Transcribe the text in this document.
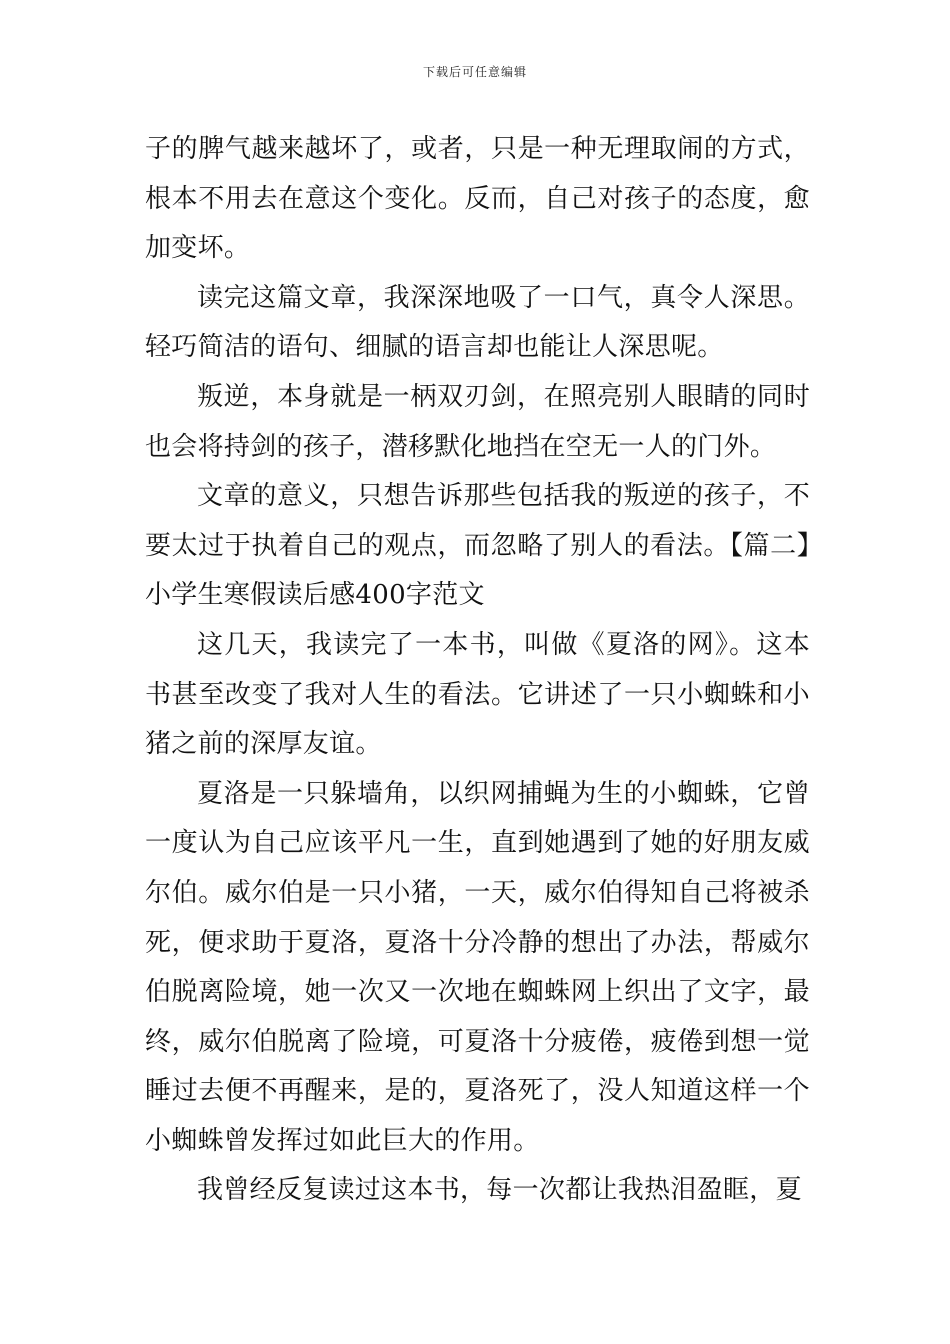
下载后可任意编辑

子的脾气越来越坏了，或者，只是一种无理取闹的方式，根本不用去在意这个变化。反而，自己对孩子的态度，愈加变坏。

读完这篇文章，我深深地吸了一口气，真令人深思。轻巧简洁的语句、细腻的语言却也能让人深思呢。

叛逆，本身就是一柄双刃剑，在照亮别人眼睛的同时也会将持剑的孩子，潜移默化地挡在空无一人的门外。

文章的意义，只想告诉那些包括我的叛逆的孩子，不要太过于执着自己的观点，而忽略了别人的看法。【篇二】小学生寒假读后感400字范文

这几天，我读完了一本书，叫做《夏洛的网》。这本书甚至改变了我对人生的看法。它讲述了一只小蜘蛛和小猪之前的深厚友谊。

夏洛是一只躲墙角，以织网捕蝇为生的小蜘蛛，它曾一度认为自己应该平凡一生，直到她遇到了她的好朋友威尔伯。威尔伯是一只小猪，一天，威尔伯得知自己将被杀死，便求助于夏洛，夏洛十分冷静的想出了办法，帮威尔伯脱离险境，她一次又一次地在蜘蛛网上织出了文字，最终，威尔伯脱离了险境，可夏洛十分疲倦，疲倦到想一觉睡过去便不再醒来，是的，夏洛死了，没人知道这样一个小蜘蛛曾发挥过如此巨大的作用。

我曾经反复读过这本书，每一次都让我热泪盈眶，夏
